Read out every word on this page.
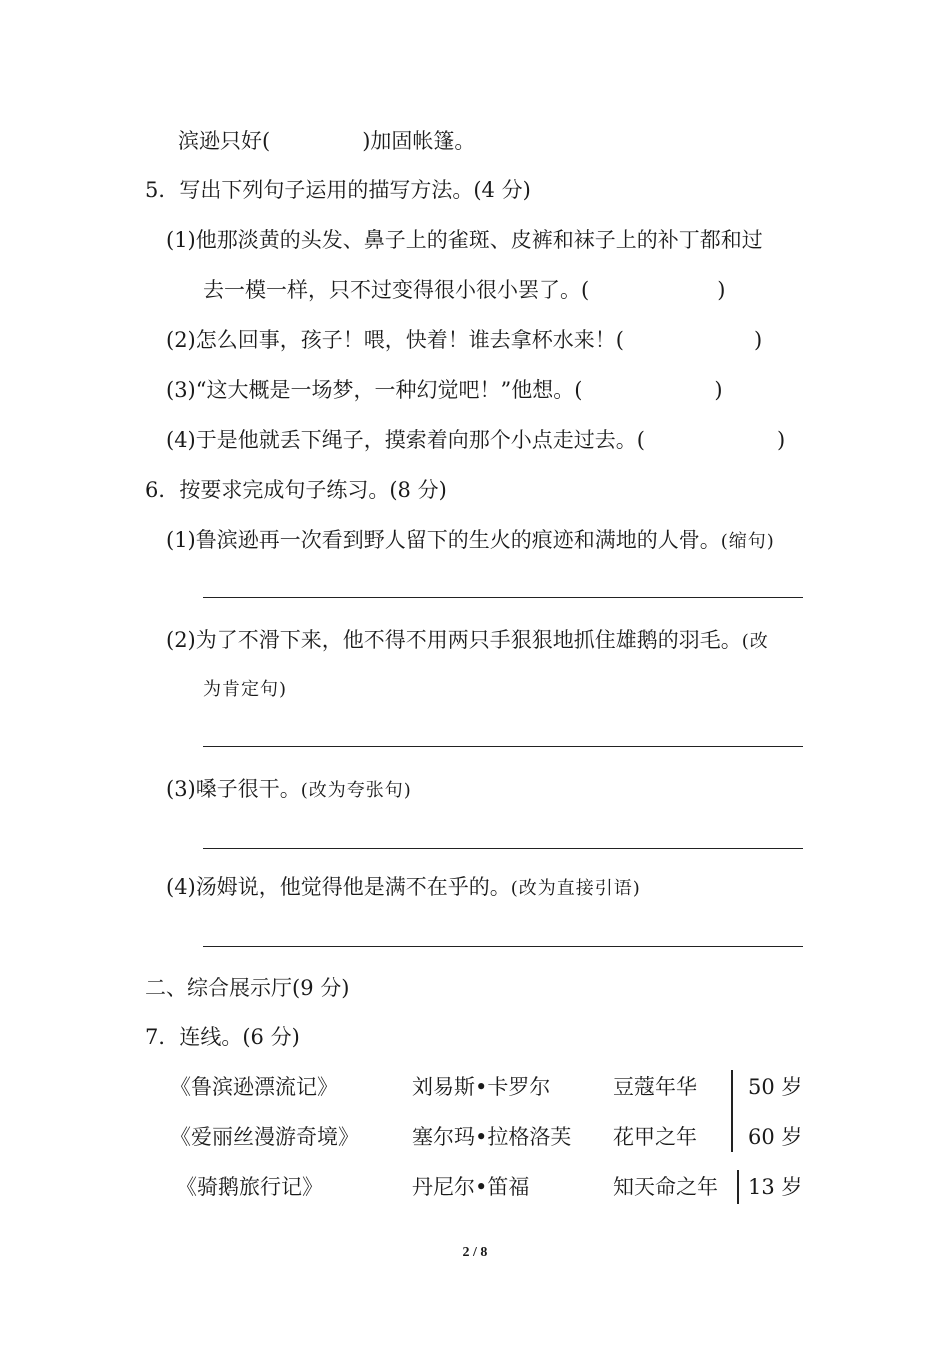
滨逊只好(	)加固帐篷。
5．写出下列句子运用的描写方法。(4 分)
(1)他那淡黄的头发、鼻子上的雀斑、皮裤和袜子上的补丁都和过
去一模一样，只不过变得很小很小罢了。(	)
(2)怎么回事，孩子！喂，快着！谁去拿杯水来！(	)
(3)“这大概是一场梦，一种幻觉吧！”他想。(	)
(4)于是他就丢下绳子，摸索着向那个小点走过去。(	)
6．按要求完成句子练习。(8 分)
(1)鲁滨逊再一次看到野人留下的生火的痕迹和满地的人骨。(缩句)
(2)为了不滑下来，他不得不用两只手狠狠地抓住雄鹅的羽毛。(改
为肯定句)
(3)嗓子很干。(改为夸张句)
(4)汤姆说，他觉得他是满不在乎的。(改为直接引语)
二、综合展示厅(9 分)
7．连线。(6 分)
《鲁滨逊漂流记》	刘易斯•卡罗尔	豆蔻年华 50 岁
《爱丽丝漫游奇境》	塞尔玛•拉格洛芙 花甲之年 60 岁
《骑鹅旅行记》	丹尼尔•笛福	知天命之年 13 岁
2 / 8
